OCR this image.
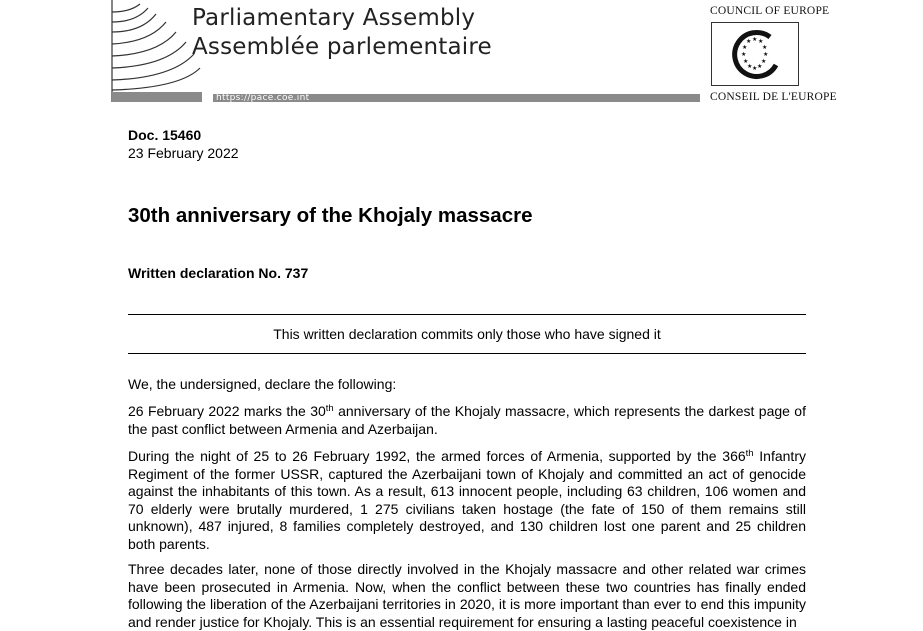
Parliamentary Assembly
Assemblée parlementaire
https://pace.coe.int
COUNCIL OF EUROPE
★ ★ ★
★ ★
★	★
★ ★
★ ★ ★
CONSEIL DE L'EUROPE
Doc. 15460
23 February 2022
30th anniversary of the Khojaly massacre
Written declaration No. 737
This written declaration commits only those who have signed it

We, the undersigned, declare the following:

26 February 2022 marks the 30th anniversary of the Khojaly massacre, which represents the darkest page of the past conflict between Armenia and Azerbaijan.

During the night of 25 to 26 February 1992, the armed forces of Armenia, supported by the 366th Infantry Regiment of the former USSR, captured the Azerbaijani town of Khojaly and committed an act of genocide against the inhabitants of this town. As a result, 613 innocent people, including 63 children, 106 women and 70 elderly were brutally murdered, 1 275 civilians taken hostage (the fate of 150 of them remains still unknown), 487 injured, 8 families completely destroyed, and 130 children lost one parent and 25 children both parents.

Three decades later, none of those directly involved in the Khojaly massacre and other related war crimes have been prosecuted in Armenia. Now, when the conflict between these two countries has finally ended following the liberation of the Azerbaijani territories in 2020, it is more important than ever to end this impunity and render justice for Khojaly. This is an essential requirement for ensuring a lasting peaceful coexistence in
